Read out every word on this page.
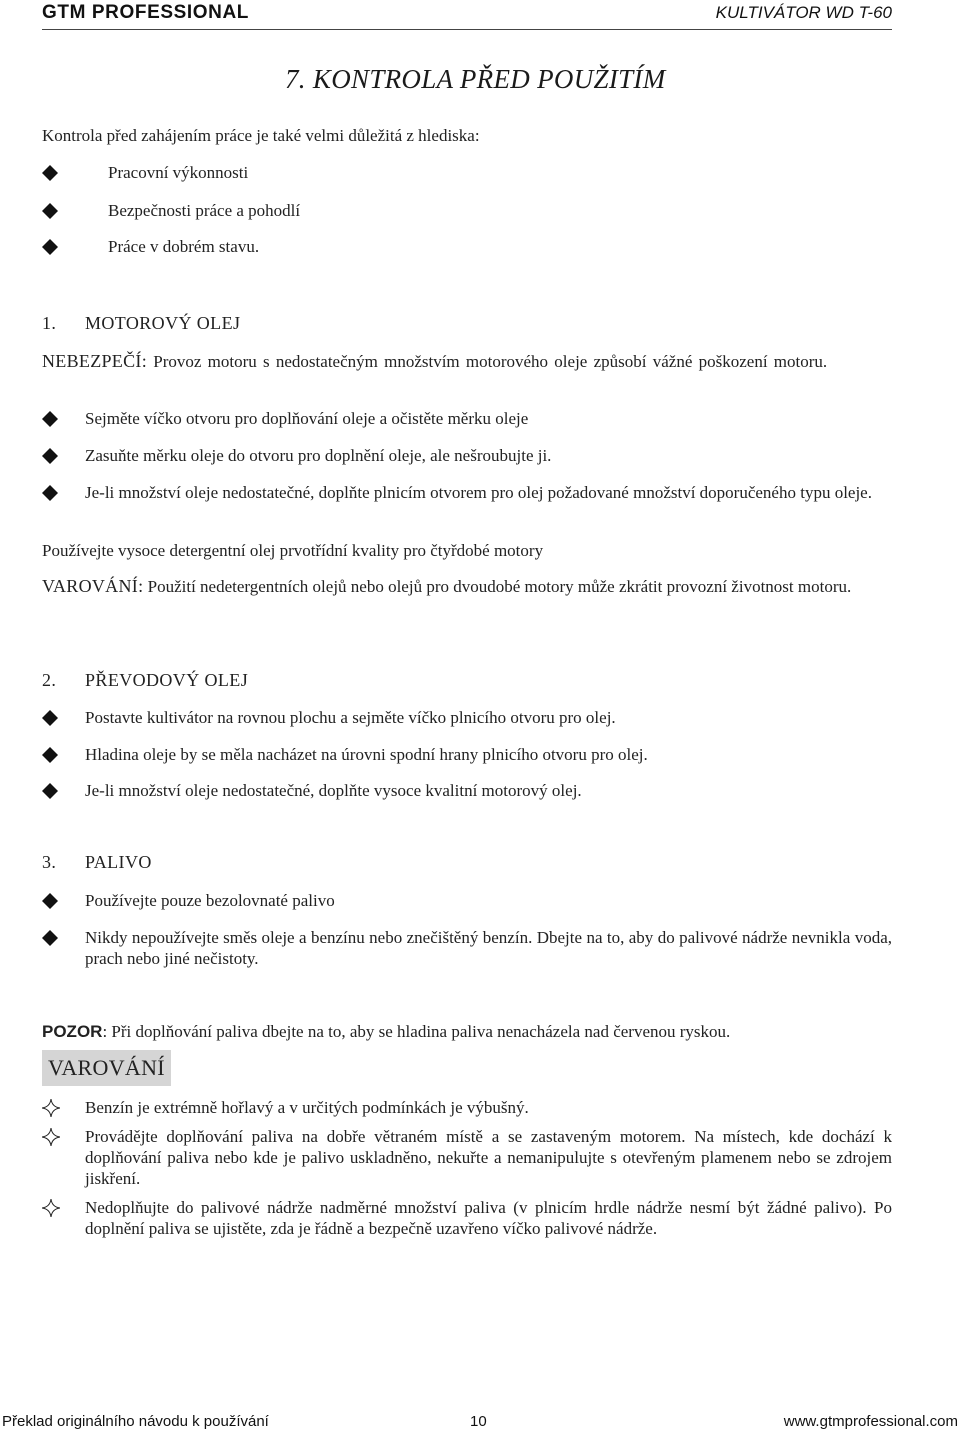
GTM PROFESSIONAL	KULTIVÁTOR WD T-60
7. KONTROLA PŘED POUŽITÍM
Kontrola před zahájením práce je také velmi důležitá z hlediska:
Pracovní výkonnosti
Bezpečnosti práce a pohodlí
Práce v dobrém stavu.
1. MOTOROVÝ OLEJ
NEBEZPEČÍ: Provoz motoru s nedostatečným množstvím motorového oleje způsobí vážné poškození motoru.
Sejměte víčko otvoru pro doplňování oleje a očistěte měrku oleje
Zasuňte měrku oleje do otvoru pro doplnění oleje, ale nešroubujte ji.
Je-li množství oleje nedostatečné, doplňte plnicím otvorem pro olej požadované množství doporučeného typu oleje.
Používejte vysoce detergentní olej prvotřídní kvality pro čtyřdobé motory
VAROVÁNÍ: Použití nedetergentních olejů nebo olejů pro dvoudobé motory může zkrátit provozní životnost motoru.
2. PŘEVODOVÝ OLEJ
Postavte kultivátor na rovnou plochu a sejměte víčko plnicího otvoru pro olej.
Hladina oleje by se měla nacházet na úrovni spodní hrany plnicího otvoru pro olej.
Je-li množství oleje nedostatečné, doplňte vysoce kvalitní motorový olej.
3. PALIVO
Používejte pouze bezolovnaté palivo
Nikdy nepoužívejte směs oleje a benzínu nebo znečištěný benzín. Dbejte na to, aby do palivové nádrže nevnikla voda, prach nebo jiné nečistoty.
POZOR: Při doplňování paliva dbejte na to, aby se hladina paliva nenacházela nad červenou ryskou.
VAROVÁNÍ
Benzín je extrémně hořlavý a v určitých podmínkách je výbušný.
Provádějte doplňování paliva na dobře větraném místě a se zastaveným motorem. Na místech, kde dochází k doplňování paliva nebo kde je palivo uskladněno, nekuřte a nemanipulujte s otevřeným plamenem nebo se zdrojem jiskření.
Nedoplňujte do palivové nádrže nadměrné množství paliva (v plnicím hrdle nádrže nesmí být žádné palivo). Po doplnění paliva se ujistěte, zda je řádně a bezpečně uzavřeno víčko palivové nádrže.
Překlad originálního návodu k používání	10	www.gtmprofessional.com
